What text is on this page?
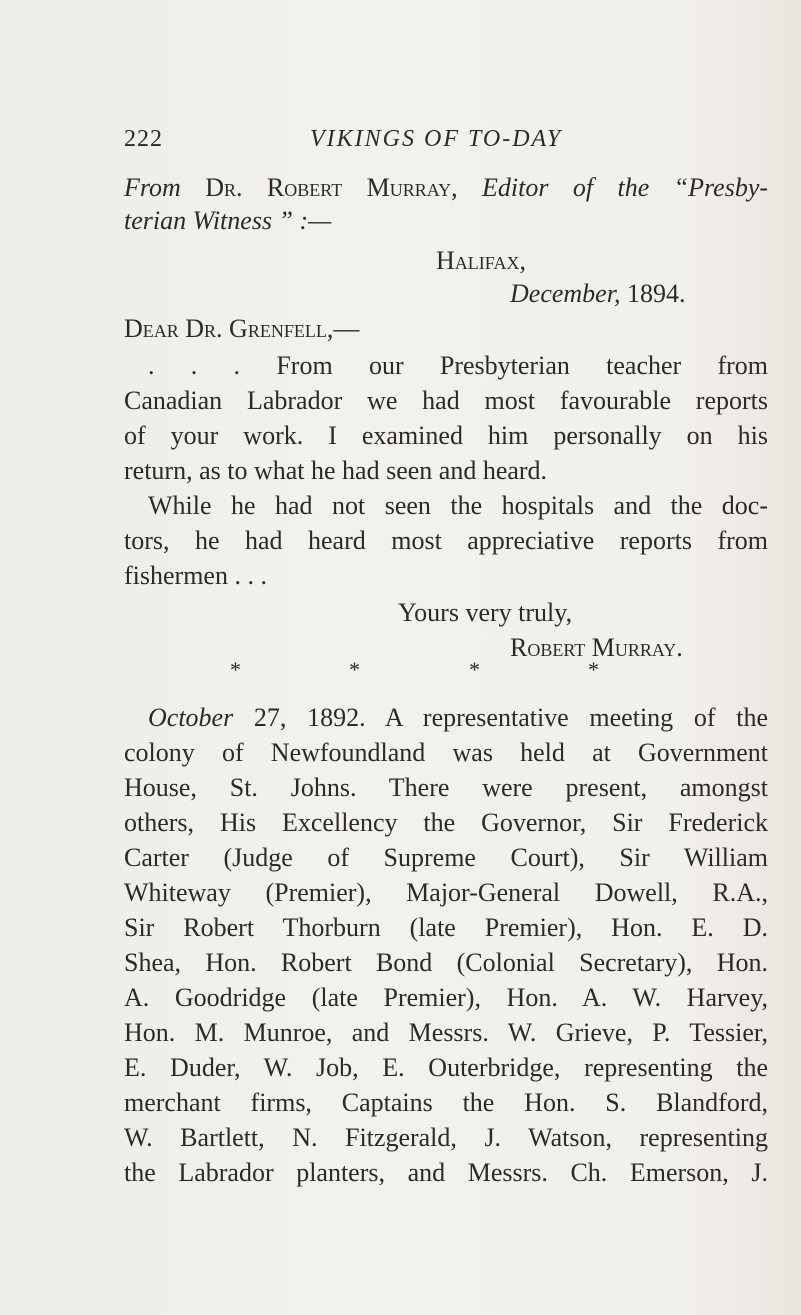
222	VIKINGS OF TO-DAY
From Dr. Robert Murray, Editor of the “Presby-
terian Witness ” :—
Halifax,
December, 1894.
Dear Dr. Grenfell,—
. . . From our Presbyterian teacher from
Canadian Labrador we had most favourable reports
of your work. I examined him personally on his
return, as to what he had seen and heard.
While he had not seen the hospitals and the doc-
tors, he had heard most appreciative reports from
fishermen . . .
Yours very truly,
Robert Murray.
*	*	*	*
October 27, 1892. A representative meeting of the
colony of Newfoundland was held at Government
House, St. Johns. There were present, amongst
others, His Excellency the Governor, Sir Frederick
Carter (Judge of Supreme Court), Sir William
Whiteway (Premier), Major-General Dowell, R.A.,
Sir Robert Thorburn (late Premier), Hon. E. D.
Shea, Hon. Robert Bond (Colonial Secretary), Hon.
A. Goodridge (late Premier), Hon. A. W. Harvey,
Hon. M. Munroe, and Messrs. W. Grieve, P. Tessier,
E. Duder, W. Job, E. Outerbridge, representing the
merchant firms, Captains the Hon. S. Blandford,
W. Bartlett, N. Fitzgerald, J. Watson, representing
the Labrador planters, and Messrs. Ch. Emerson, J.
